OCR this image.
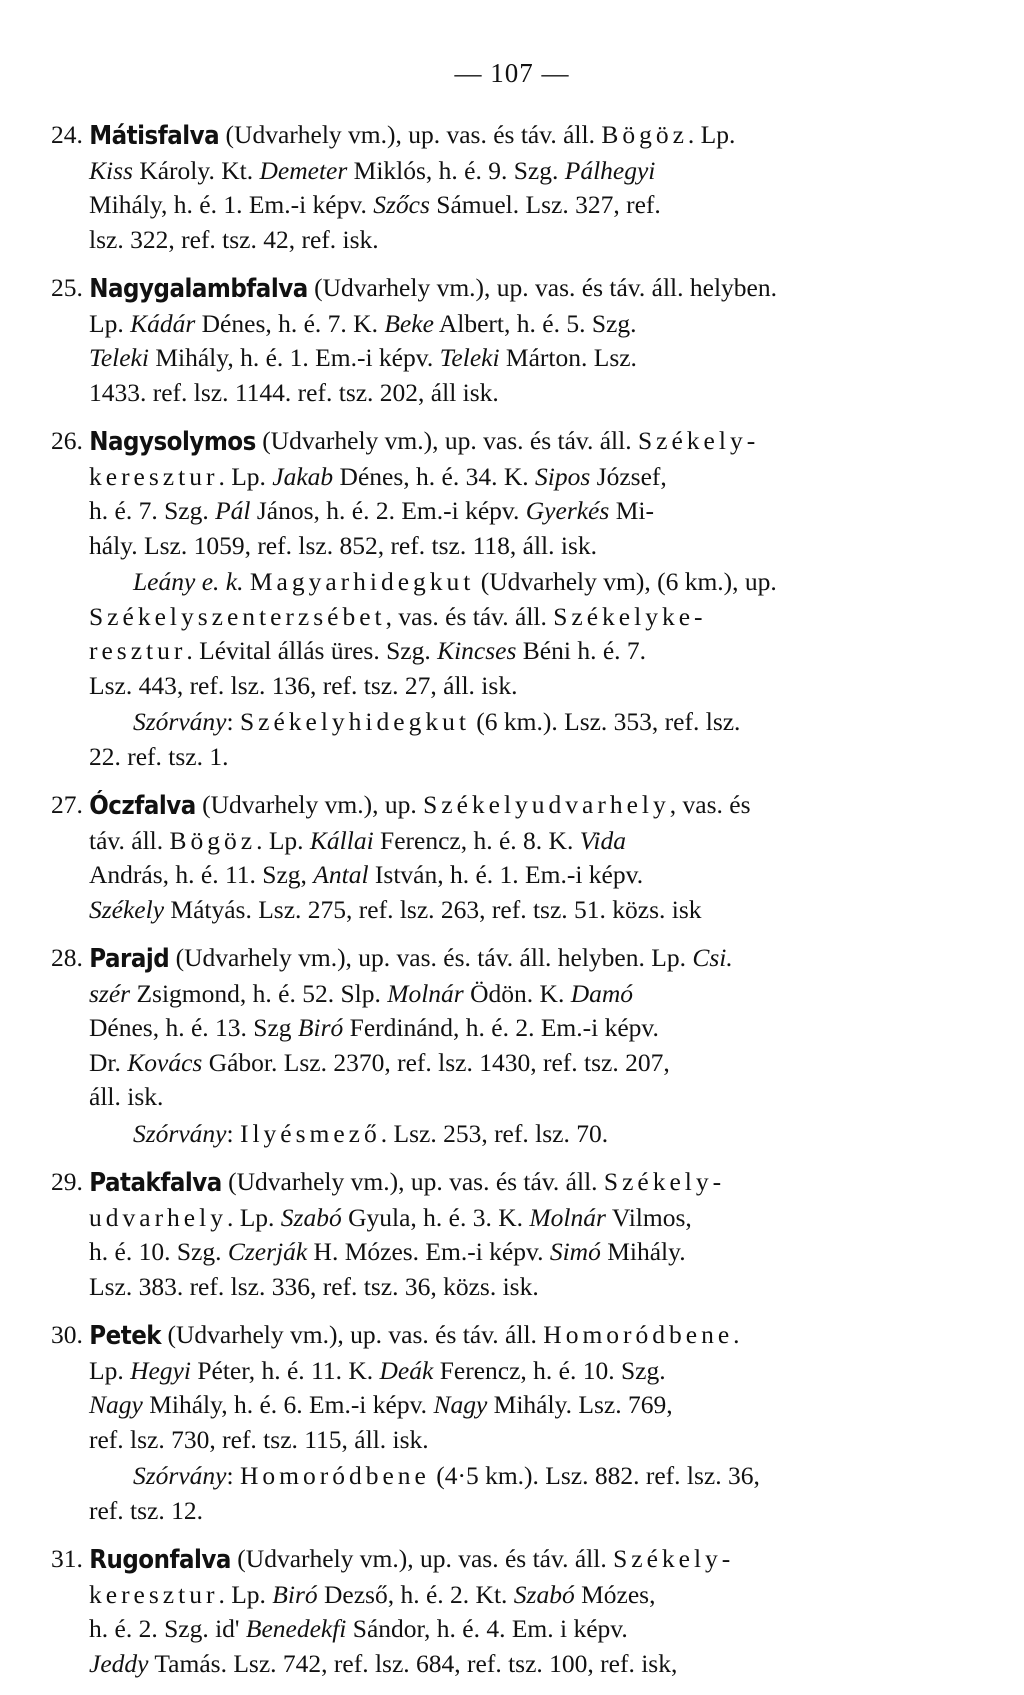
— 107 —
24. Mátisfalva (Udvarhely vm.), up. vas. és táv. áll. Bögöz. Lp.
Kiss Károly. Kt. Demeter Miklós, h. é. 9. Szg. Pálhegyi
Mihály, h. é. 1. Em.-i képv. Szőcs Sámuel. Lsz. 327, ref.
lsz. 322, ref. tsz. 42, ref. isk.
25. Nagygalambfalva (Udvarhely vm.), up. vas. és táv. áll. helyben.
Lp. Kádár Dénes, h. é. 7. K. Beke Albert, h. é. 5. Szg.
Teleki Mihály, h. é. 1. Em.-i képv. Teleki Márton. Lsz.
1433. ref. lsz. 1144. ref. tsz. 202, áll isk.
26. Nagysolymos (Udvarhely vm.), up. vas. és táv. áll. Székely-
keresztur. Lp. Jakab Dénes, h. é. 34. K. Sipos József,
h. é. 7. Szg. Pál János, h. é. 2. Em.-i képv. Gyerkés Mi-
hály. Lsz. 1059, ref. lsz. 852, ref. tsz. 118, áll. isk.
Leány e. k. Magyarhidegkut (Udvarhely vm), (6 km.), up.
Székelyszenterzsébet, vas. és táv. áll. Székelyke-
resztur. Lévital állás üres. Szg. Kincses Béni h. é. 7.
Lsz. 443, ref. lsz. 136, ref. tsz. 27, áll. isk.
Szórvány: Székelyhidegkut (6 km.). Lsz. 353, ref. lsz.
22. ref. tsz. 1.
27. Óczfalva (Udvarhely vm.), up. Székelyudvarhely, vas. és
táv. áll. Bögöz. Lp. Kállai Ferencz, h. é. 8. K. Vida
András, h. é. 11. Szg, Antal István, h. é. 1. Em.-i képv.
Székely Mátyás. Lsz. 275, ref. lsz. 263, ref. tsz. 51. közs. isk
28. Parajd (Udvarhely vm.), up. vas. és. táv. áll. helyben. Lp. Csi.
szér Zsigmond, h. é. 52. Slp. Molnár Ödön. K. Damó
Dénes, h. é. 13. Szg Biró Ferdinánd, h. é. 2. Em.-i képv.
Dr. Kovács Gábor. Lsz. 2370, ref. lsz. 1430, ref. tsz. 207,
áll. isk.
Szórvány: Ilyésmező. Lsz. 253, ref. lsz. 70.
29. Patakfalva (Udvarhely vm.), up. vas. és táv. áll. Székely-
udvarhely. Lp. Szabó Gyula, h. é. 3. K. Molnár Vilmos,
h. é. 10. Szg. Czerják H. Mózes. Em.-i képv. Simó Mihály.
Lsz. 383. ref. lsz. 336, ref. tsz. 36, közs. isk.
30. Petek (Udvarhely vm.), up. vas. és táv. áll. Homoródbene.
Lp. Hegyi Péter, h. é. 11. K. Deák Ferencz, h. é. 10. Szg.
Nagy Mihály, h. é. 6. Em.-i képv. Nagy Mihály. Lsz. 769,
ref. lsz. 730, ref. tsz. 115, áll. isk.
Szórvány: Homoródbene (4·5 km.). Lsz. 882. ref. lsz. 36,
ref. tsz. 12.
31. Rugonfalva (Udvarhely vm.), up. vas. és táv. áll. Székely-
keresztur. Lp. Biró Dezső, h. é. 2. Kt. Szabó Mózes,
h. é. 2. Szg. id' Benedekfi Sándor, h. é. 4. Em. i képv.
Jeddy Tamás. Lsz. 742, ref. lsz. 684, ref. tsz. 100, ref. isk,
